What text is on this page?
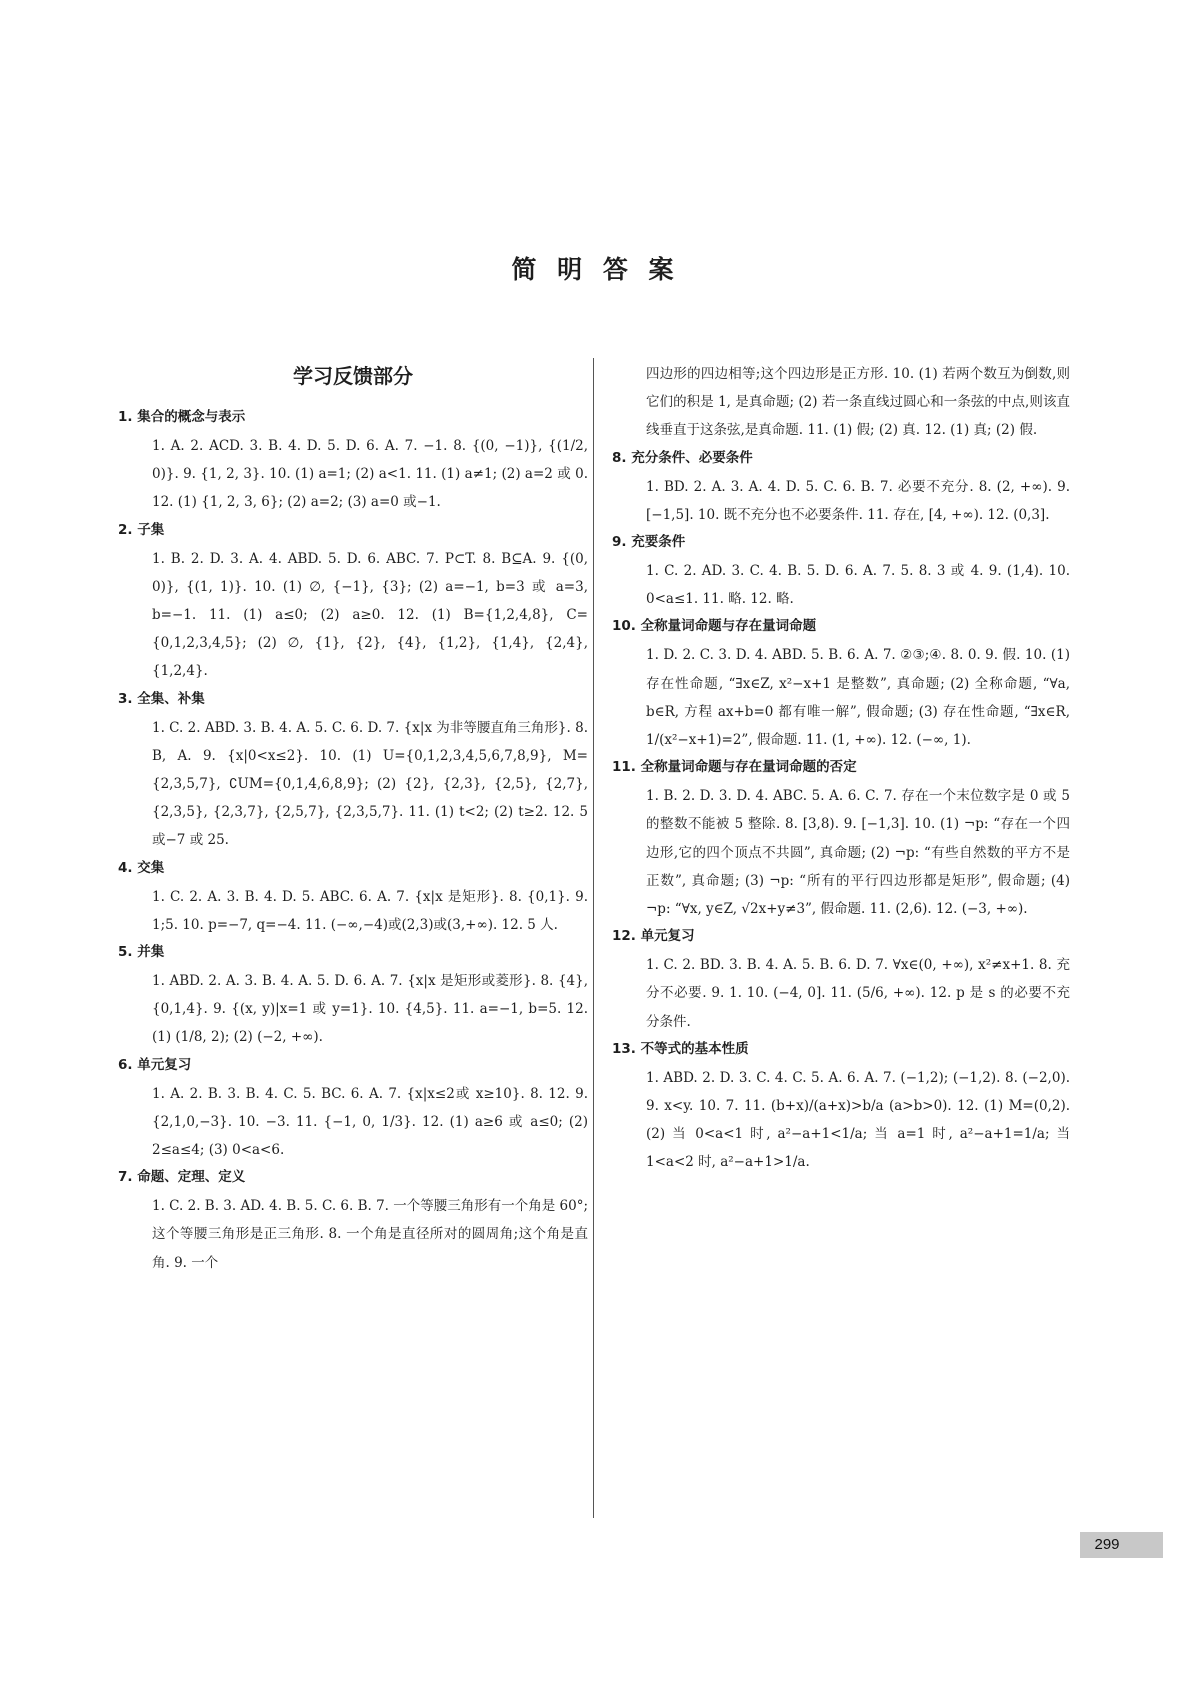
简 明 答 案
学习反馈部分
1. 集合的概念与表示
1. A. 2. ACD. 3. B. 4. D. 5. D. 6. A. 7. −1. 8. {(0, −1)}, {(1/2, 0)}. 9. {1, 2, 3}. 10. (1) a=1; (2) a<1. 11. (1) a≠1; (2) a=2 或 0. 12. (1) {1, 2, 3, 6}; (2) a=2; (3) a=0 或−1.
2. 子集
1. B. 2. D. 3. A. 4. ABD. 5. D. 6. ABC. 7. P⊂T. 8. B⊆A. 9. {(0, 0)}, {(1, 1)}. 10. (1) ∅, {−1}, {3}; (2) a=−1, b=3 或 a=3, b=−1. 11. (1) a≤0; (2) a≥0. 12. (1) B={1,2,4,8}, C={0,1,2,3,4,5}; (2) ∅, {1}, {2}, {4}, {1,2}, {1,4}, {2,4}, {1,2,4}.
3. 全集、补集
1. C. 2. ABD. 3. B. 4. A. 5. C. 6. D. 7. {x|x 为非等腰直角三角形}. 8. B, A. 9. {x|0<x≤2}. 10. (1) U={0,1,2,3,4,5,6,7,8,9}, M={2,3,5,7}, ∁UM={0,1,4,6,8,9}; (2) {2}, {2,3}, {2,5}, {2,7}, {2,3,5}, {2,3,7}, {2,5,7}, {2,3,5,7}. 11. (1) t<2; (2) t≥2. 12. 5 或−7 或 25.
4. 交集
1. C. 2. A. 3. B. 4. D. 5. ABC. 6. A. 7. {x|x 是矩形}. 8. {0,1}. 9. 1;5. 10. p=−7, q=−4. 11. (−∞,−4)或(2,3)或(3,+∞). 12. 5 人.
5. 并集
1. ABD. 2. A. 3. B. 4. A. 5. D. 6. A. 7. {x|x 是矩形或菱形}. 8. {4}, {0,1,4}. 9. {(x, y)|x=1 或 y=1}. 10. {4,5}. 11. a=−1, b=5. 12. (1) (1/8, 2); (2) (−2, +∞).
6. 单元复习
1. A. 2. B. 3. B. 4. C. 5. BC. 6. A. 7. {x|x≤2或 x≥10}. 8. 12. 9. {2,1,0,−3}. 10. −3. 11. {−1, 0, 1/3}. 12. (1) a≥6 或 a≤0; (2) 2≤a≤4; (3) 0<a<6.
7. 命题、定理、定义
1. C. 2. B. 3. AD. 4. B. 5. C. 6. B. 7. 一个等腰三角形有一个角是 60°;这个等腰三角形是正三角形. 8. 一个角是直径所对的圆周角;这个角是直角. 9. 一个
四边形的四边相等;这个四边形是正方形. 10. (1) 若两个数互为倒数,则它们的积是 1, 是真命题; (2) 若一条直线过圆心和一条弦的中点,则该直线垂直于这条弦,是真命题. 11. (1) 假; (2) 真. 12. (1) 真; (2) 假.
8. 充分条件、必要条件
1. BD. 2. A. 3. A. 4. D. 5. C. 6. B. 7. 必要不充分. 8. (2, +∞). 9. [−1,5]. 10. 既不充分也不必要条件. 11. 存在, [4, +∞). 12. (0,3].
9. 充要条件
1. C. 2. AD. 3. C. 4. B. 5. D. 6. A. 7. 5. 8. 3 或 4. 9. (1,4). 10. 0<a≤1. 11. 略. 12. 略.
10. 全称量词命题与存在量词命题
1. D. 2. C. 3. D. 4. ABD. 5. B. 6. A. 7. ②③;④. 8. 0. 9. 假. 10. (1)存在性命题, “∃x∈Z, x²−x+1 是整数”, 真命题; (2) 全称命题, “∀a, b∈R, 方程 ax+b=0 都有唯一解”, 假命题; (3) 存在性命题, “∃x∈R, 1/(x²−x+1)=2”, 假命题. 11. (1, +∞). 12. (−∞, 1).
11. 全称量词命题与存在量词命题的否定
1. B. 2. D. 3. D. 4. ABC. 5. A. 6. C. 7. 存在一个末位数字是 0 或 5 的整数不能被 5 整除. 8. [3,8). 9. [−1,3]. 10. (1) ¬p: “存在一个四边形,它的四个顶点不共圆”, 真命题; (2) ¬p: “有些自然数的平方不是正数”, 真命题; (3) ¬p: “所有的平行四边形都是矩形”, 假命题; (4) ¬p: “∀x, y∈Z, √2x+y≠3”, 假命题. 11. (2,6). 12. (−3, +∞).
12. 单元复习
1. C. 2. BD. 3. B. 4. A. 5. B. 6. D. 7. ∀x∈(0, +∞), x²≠x+1. 8. 充分不必要. 9. 1. 10. (−4, 0]. 11. (5/6, +∞). 12. p 是 s 的必要不充分条件.
13. 不等式的基本性质
1. ABD. 2. D. 3. C. 4. C. 5. A. 6. A. 7. (−1,2); (−1,2). 8. (−2,0). 9. x<y. 10. 7. 11. (b+x)/(a+x)>b/a (a>b>0). 12. (1) M=(0,2). (2) 当 0<a<1 时, a²−a+1<1/a; 当 a=1 时, a²−a+1=1/a; 当 1<a<2 时, a²−a+1>1/a.
299
